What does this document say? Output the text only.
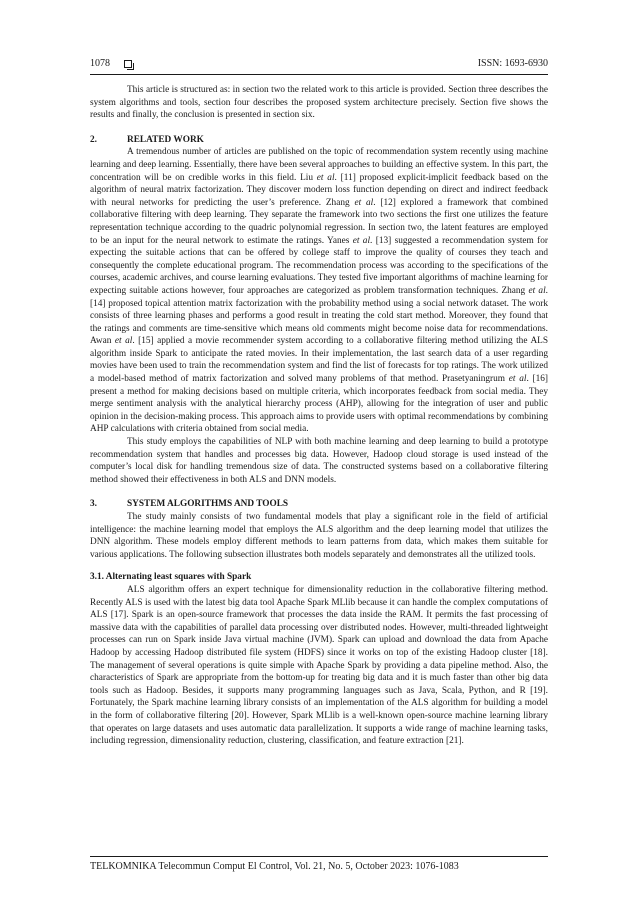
1078	ISSN: 1693-6930

This article is structured as: in section two the related work to this article is provided. Section three describes the system algorithms and tools, section four describes the proposed system architecture precisely. Section five shows the results and finally, the conclusion is presented in section six.

2.	RELATED WORK

A tremendous number of articles are published on the topic of recommendation system recently using machine learning and deep learning. Essentially, there have been several approaches to building an effective system. In this part, the concentration will be on credible works in this field. Liu et al. [11] proposed explicit-implicit feedback based on the algorithm of neural matrix factorization. They discover modern loss function depending on direct and indirect feedback with neural networks for predicting the user’s preference. Zhang et al. [12] explored a framework that combined collaborative filtering with deep learning. They separate the framework into two sections the first one utilizes the feature representation technique according to the quadric polynomial regression. In section two, the latent features are employed to be an input for the neural network to estimate the ratings. Yanes et al. [13] suggested a recommendation system for expecting the suitable actions that can be offered by college staff to improve the quality of courses they teach and consequently the complete educational program. The recommendation process was according to the specifications of the courses, academic archives, and course learning evaluations. They tested five important algorithms of machine learning for expecting suitable actions however, four approaches are categorized as problem transformation techniques. Zhang et al. [14] proposed topical attention matrix factorization with the probability method using a social network dataset. The work consists of three learning phases and performs a good result in treating the cold start method. Moreover, they found that the ratings and comments are time-sensitive which means old comments might become noise data for recommendations. Awan et al. [15] applied a movie recommender system according to a collaborative filtering method utilizing the ALS algorithm inside Spark to anticipate the rated movies. In their implementation, the last search data of a user regarding movies have been used to train the recommendation system and find the list of forecasts for top ratings. The work utilized a model-based method of matrix factorization and solved many problems of that method. Prasetyaningrum et al. [16] present a method for making decisions based on multiple criteria, which incorporates feedback from social media. They merge sentiment analysis with the analytical hierarchy process (AHP), allowing for the integration of user and public opinion in the decision-making process. This approach aims to provide users with optimal recommendations by combining AHP calculations with criteria obtained from social media.

This study employs the capabilities of NLP with both machine learning and deep learning to build a prototype recommendation system that handles and processes big data. However, Hadoop cloud storage is used instead of the computer’s local disk for handling tremendous size of data. The constructed systems based on a collaborative filtering method showed their effectiveness in both ALS and DNN models.

3.	SYSTEM ALGORITHMS AND TOOLS

The study mainly consists of two fundamental models that play a significant role in the field of artificial intelligence: the machine learning model that employs the ALS algorithm and the deep learning model that utilizes the DNN algorithm. These models employ different methods to learn patterns from data, which makes them suitable for various applications. The following subsection illustrates both models separately and demonstrates all the utilized tools.

3.1. Alternating least squares with Spark

ALS algorithm offers an expert technique for dimensionality reduction in the collaborative filtering method. Recently ALS is used with the latest big data tool Apache Spark MLlib because it can handle the complex computations of ALS [17]. Spark is an open-source framework that processes the data inside the RAM. It permits the fast processing of massive data with the capabilities of parallel data processing over distributed nodes. However, multi-threaded lightweight processes can run on Spark inside Java virtual machine (JVM). Spark can upload and download the data from Apache Hadoop by accessing Hadoop distributed file system (HDFS) since it works on top of the existing Hadoop cluster [18]. The management of several operations is quite simple with Apache Spark by providing a data pipeline method. Also, the characteristics of Spark are appropriate from the bottom-up for treating big data and it is much faster than other big data tools such as Hadoop. Besides, it supports many programming languages such as Java, Scala, Python, and R [19]. Fortunately, the Spark machine learning library consists of an implementation of the ALS algorithm for building a model in the form of collaborative filtering [20]. However, Spark MLlib is a well-known open-source machine learning library that operates on large datasets and uses automatic data parallelization. It supports a wide range of machine learning tasks, including regression, dimensionality reduction, clustering, classification, and feature extraction [21].

TELKOMNIKA Telecommun Comput El Control, Vol. 21, No. 5, October 2023: 1076-1083
